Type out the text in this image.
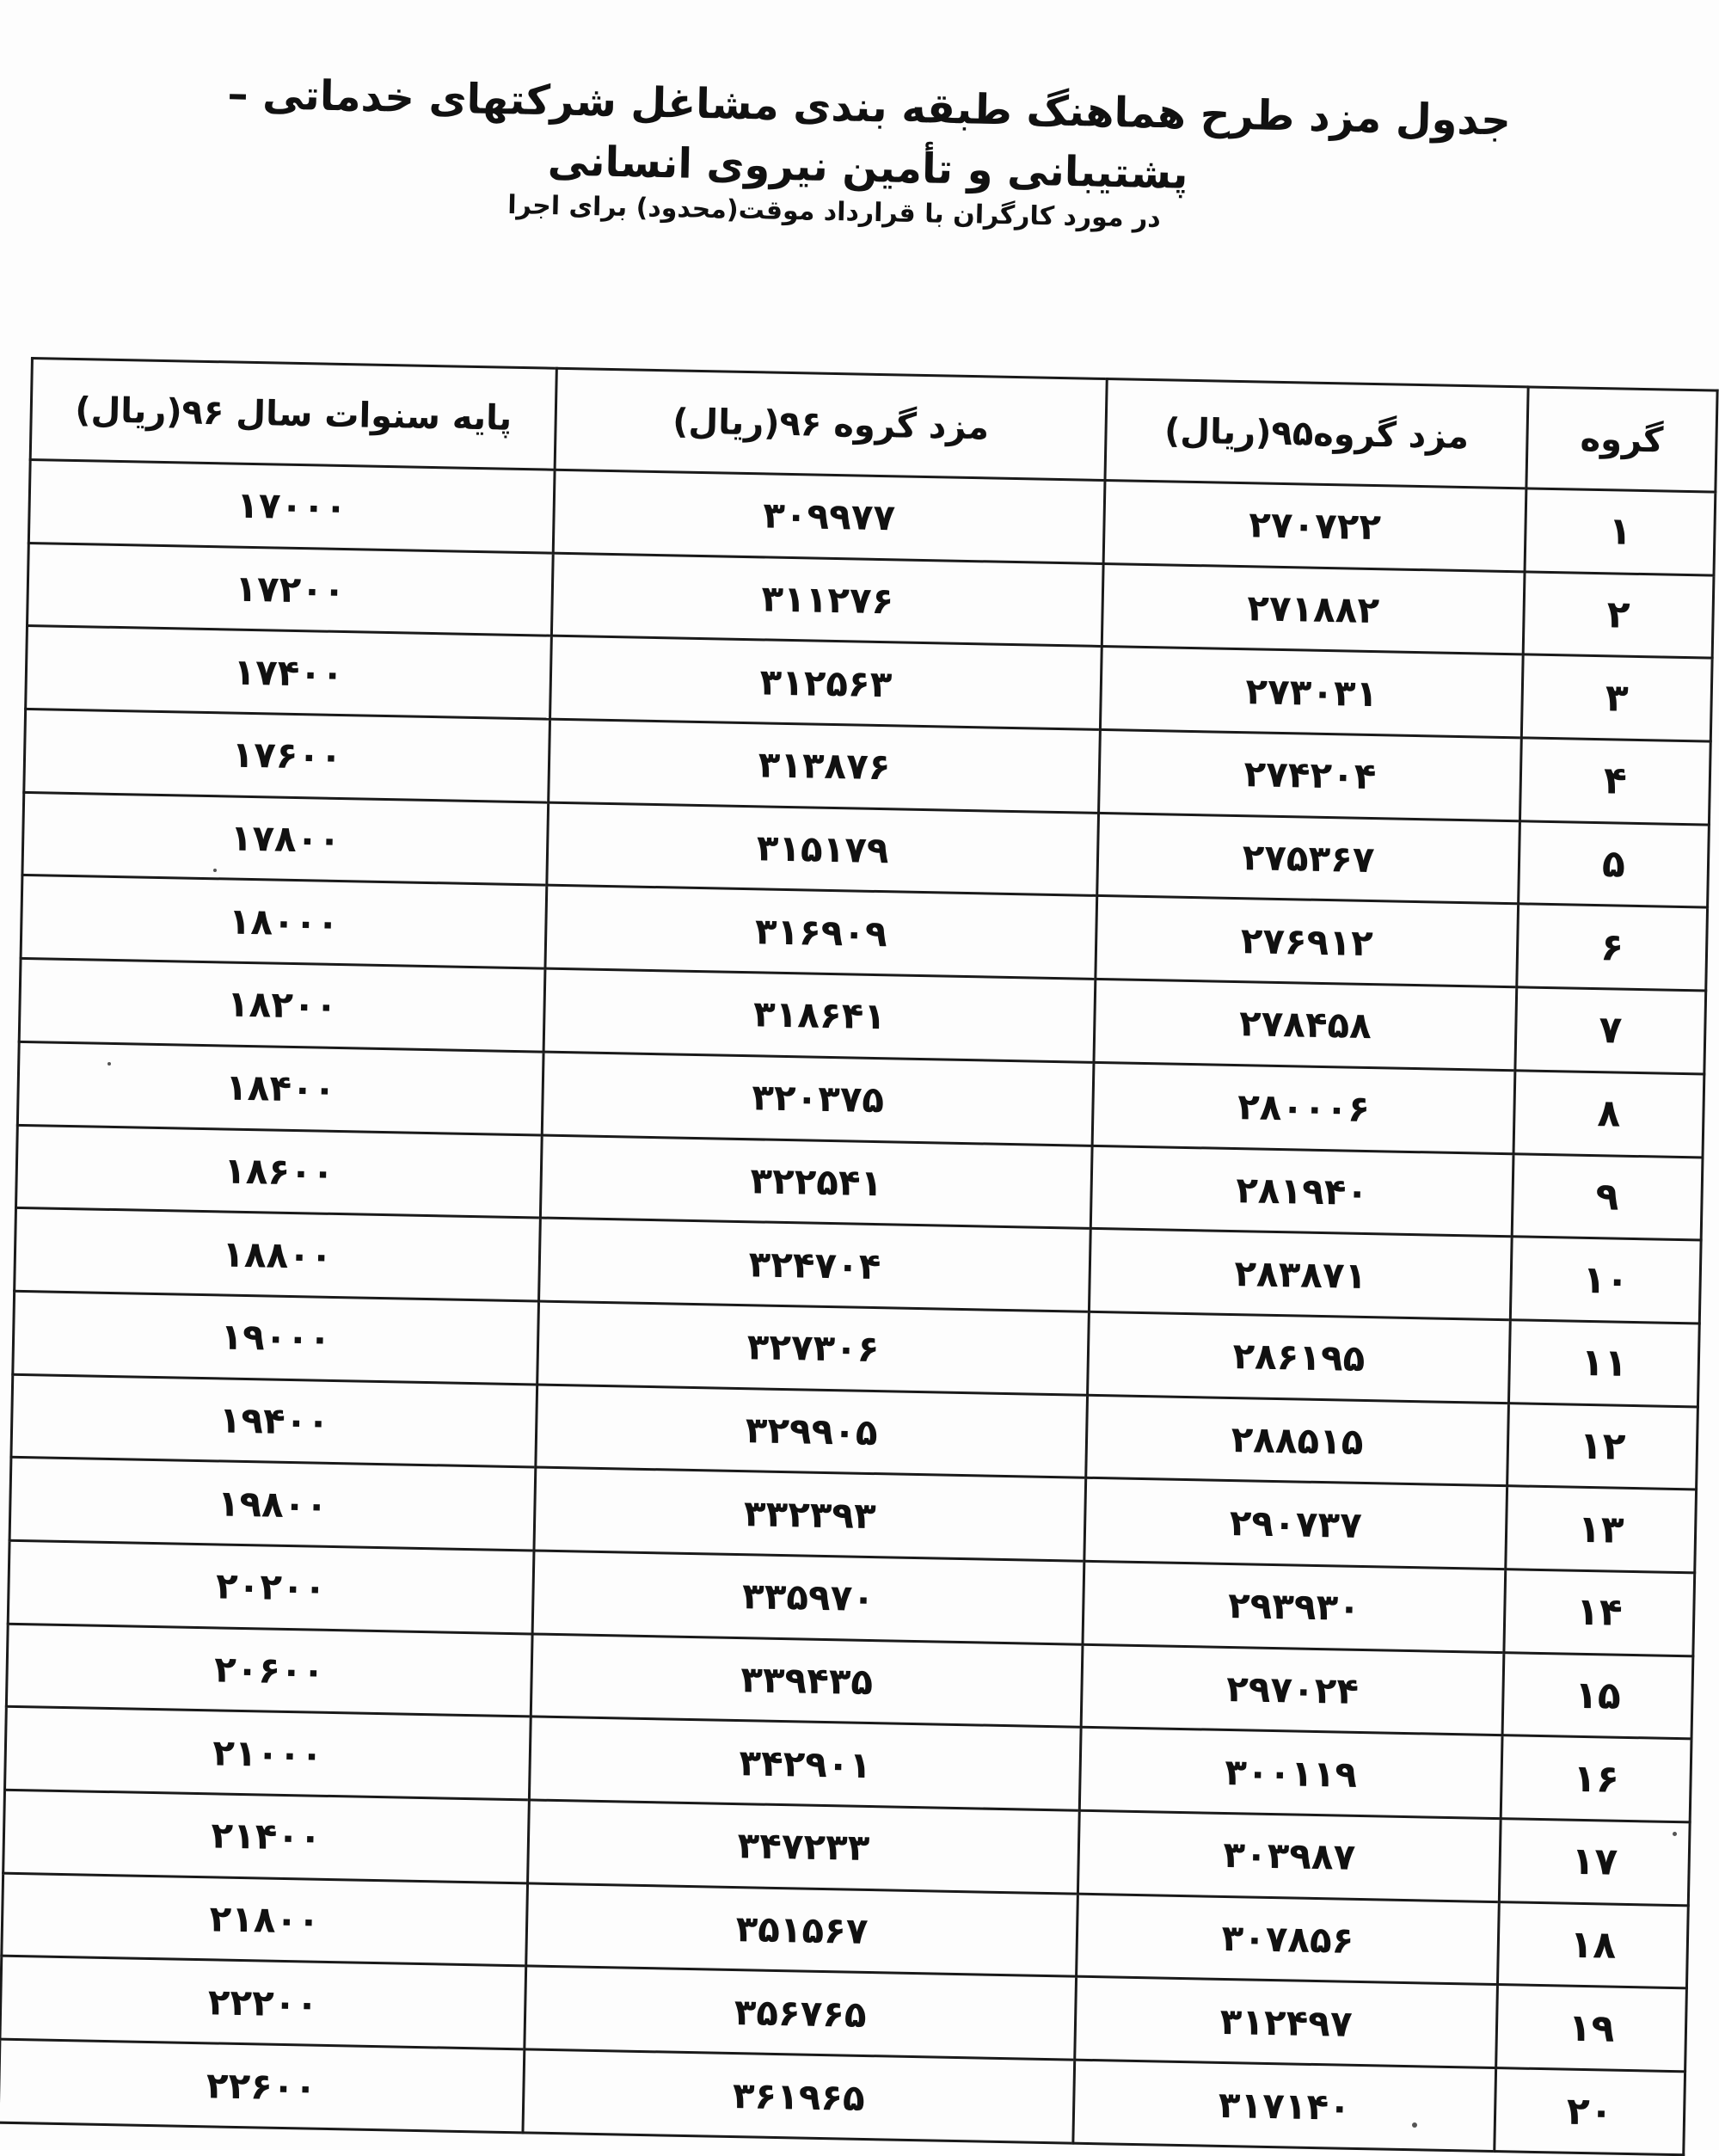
جدول مزد طرح هماهنگ طبقه بندی مشاغل شرکتهای خدماتی – پشتیبانی و تأمین نیروی انسانی
در مورد کارگران با قرارداد موقت(محدود) برای اجرا
گروه	مزد گروه۹۵(ریال)	مزد گروه ۹۶(ریال)	پایه سنوات سال ۹۶(ریال)
۱	۲۷۰۷۲۲	۳۰۹۹۷۷	۱۷۰۰۰
۲	۲۷۱۸۸۲	۳۱۱۲۷۶	۱۷۲۰۰
۳	۲۷۳۰۳۱	۳۱۲۵۶۳	۱۷۴۰۰
۴	۲۷۴۲۰۴	۳۱۳۸۷۶	۱۷۶۰۰
۵	۲۷۵۳۶۷	۳۱۵۱۷۹	۱۷۸۰۰
۶	۲۷۶۹۱۲	۳۱۶۹۰۹	۱۸۰۰۰
۷	۲۷۸۴۵۸	۳۱۸۶۴۱	۱۸۲۰۰
۸	۲۸۰۰۰۶	۳۲۰۳۷۵	۱۸۴۰۰
۹	۲۸۱۹۴۰	۳۲۲۵۴۱	۱۸۶۰۰
۱۰	۲۸۳۸۷۱	۳۲۴۷۰۴	۱۸۸۰۰
۱۱	۲۸۶۱۹۵	۳۲۷۳۰۶	۱۹۰۰۰
۱۲	۲۸۸۵۱۵	۳۲۹۹۰۵	۱۹۴۰۰
۱۳	۲۹۰۷۳۷	۳۳۲۳۹۳	۱۹۸۰۰
۱۴	۲۹۳۹۳۰	۳۳۵۹۷۰	۲۰۲۰۰
۱۵	۲۹۷۰۲۴	۳۳۹۴۳۵	۲۰۶۰۰
۱۶	۳۰۰۱۱۹	۳۴۲۹۰۱	۲۱۰۰۰
۱۷	۳۰۳۹۸۷	۳۴۷۲۳۳	۲۱۴۰۰
۱۸	۳۰۷۸۵۶	۳۵۱۵۶۷	۲۱۸۰۰
۱۹	۳۱۲۴۹۷	۳۵۶۷۶۵	۲۲۲۰۰
۲۰	۳۱۷۱۴۰	۳۶۱۹۶۵	۲۲۶۰۰
